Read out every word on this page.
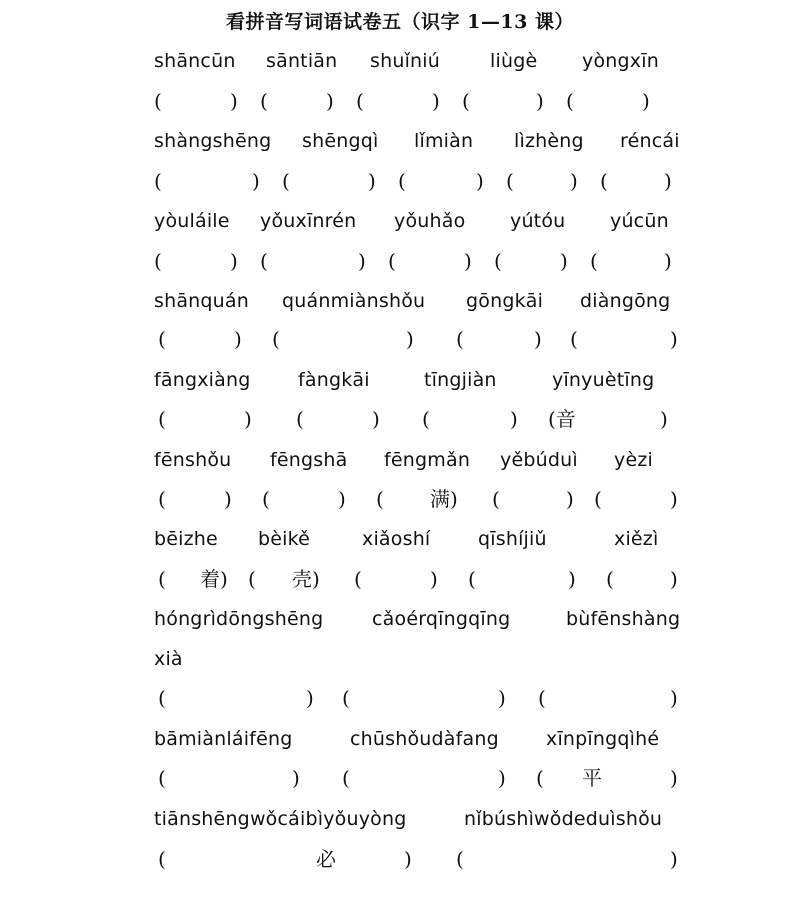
看拼音写词语试卷五（识字 1—13 课）
shāncūn sāntiān shuǐniú	liùgè yòngxīn
(	) (	) (	) (	) (	)
shàngshēng shēngqì lǐmiàn lìzhèng réncái
(	) (	) (	) (	) (	)
yòuláile yǒuxīnrén yǒuhǎo yútóu yúcūn
(	) (	) (	) (	) (	)
shānquán quánmiànshǒu gōngkāi diàngōng
(	) (	) (	) (	)
fāngxiàng fàngkāi	tīngjiàn	yīnyuètīng
(	) (	) (	) (音	)
fēnshǒu fēngshā fēngmǎn yěbúduì yèzi
(	) (	) ( 满) (	) (	)
bēizhe bèikě	xiǎoshí	qīshíjiǔ	xiězì
( 着) ( 壳) (	) (	) (	)
hóngrìdōngshēng	cǎoérqīngqīng	bùfēnshàng
xià
(	) (	) (	)
bāmiànláifēng	chūshǒudàfang xīnpīngqìhé
(	) (	) ( 平	)
tiānshēngwǒcáibìyǒuyòng	nǐbúshìwǒdeduìshǒu
(	必	) (	)
